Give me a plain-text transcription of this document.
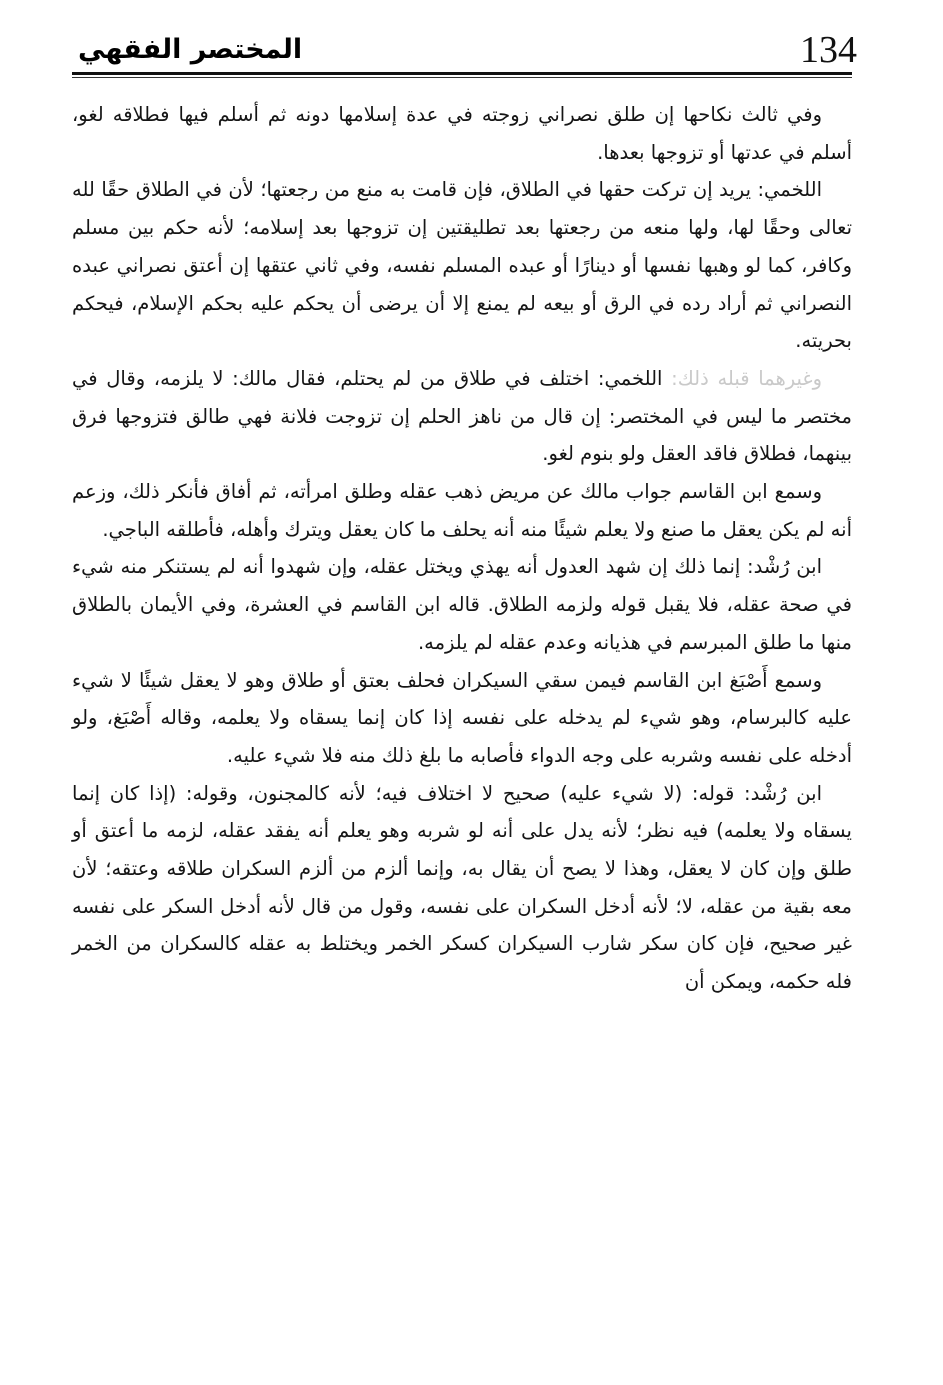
134
المختصر الفقهي

وفي ثالث نكاحها إن طلق نصراني زوجته في عدة إسلامها دونه ثم أسلم فيها فطلاقه لغو، أسلم في عدتها أو تزوجها بعدها.

اللخمي: يريد إن تركت حقها في الطلاق، فإن قامت به منع من رجعتها؛ لأن في الطلاق حقًا لله تعالى وحقًا لها، ولها منعه من رجعتها بعد تطليقتين إن تزوجها بعد إسلامه؛ لأنه حكم بين مسلم وكافر، كما لو وهبها نفسها أو دينارًا أو عبده المسلم نفسه، وفي ثاني عتقها إن أعتق نصراني عبده النصراني ثم أراد رده في الرق أو بيعه لم يمنع إلا أن يرضى أن يحكم عليه بحكم الإسلام، فيحكم بحريته.

وغيرهما قبله ذلك: اللخمي: اختلف في طلاق من لم يحتلم، فقال مالك: لا يلزمه، وقال في مختصر ما ليس في المختصر: إن قال من ناهز الحلم إن تزوجت فلانة فهي طالق فتزوجها فرق بينهما، فطلاق فاقد العقل ولو بنوم لغو.

وسمع ابن القاسم جواب مالك عن مريض ذهب عقله وطلق امرأته، ثم أفاق فأنكر ذلك، وزعم أنه لم يكن يعقل ما صنع ولا يعلم شيئًا منه أنه يحلف ما كان يعقل ويترك وأهله، فأطلقه الباجي.

ابن رُشْد: إنما ذلك إن شهد العدول أنه يهذي ويختل عقله، وإن شهدوا أنه لم يستنكر منه شيء في صحة عقله، فلا يقبل قوله ولزمه الطلاق. قاله ابن القاسم في العشرة، وفي الأيمان بالطلاق منها ما طلق المبرسم في هذيانه وعدم عقله لم يلزمه.

وسمع أَصْبَغ ابن القاسم فيمن سقي السيكران فحلف بعتق أو طلاق وهو لا يعقل شيئًا لا شيء عليه كالبرسام، وهو شيء لم يدخله على نفسه إذا كان إنما يسقاه ولا يعلمه، وقاله أَصْبَغ، ولو أدخله على نفسه وشربه على وجه الدواء فأصابه ما بلغ ذلك منه فلا شيء عليه.

ابن رُشْد: قوله: (لا شيء عليه) صحيح لا اختلاف فيه؛ لأنه كالمجنون، وقوله: (إذا كان إنما يسقاه ولا يعلمه) فيه نظر؛ لأنه يدل على أنه لو شربه وهو يعلم أنه يفقد عقله، لزمه ما أعتق أو طلق وإن كان لا يعقل، وهذا لا يصح أن يقال به، وإنما ألزم من ألزم السكران طلاقه وعتقه؛ لأن معه بقية من عقله، لا؛ لأنه أدخل السكران على نفسه، وقول من قال لأنه أدخل السكر على نفسه غير صحيح، فإن كان سكر شارب السيكران كسكر الخمر ويختلط به عقله كالسكران من الخمر فله حكمه، ويمكن أن
